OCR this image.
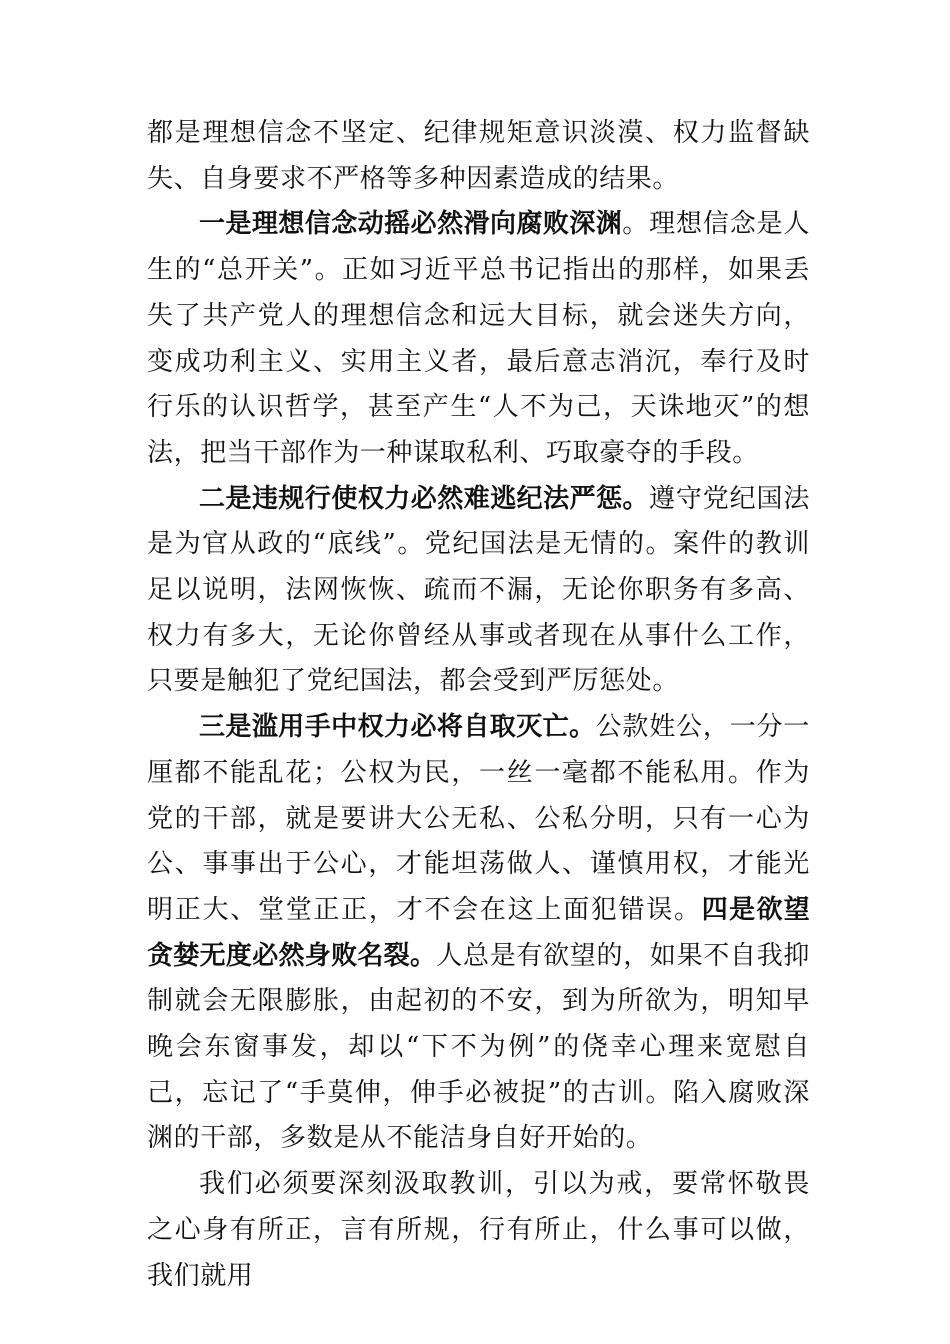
都是理想信念不坚定、纪律规矩意识淡漠、权力监督缺失、自身要求不严格等多种因素造成的结果。

一是理想信念动摇必然滑向腐败深渊。理想信念是人生的“总开关”。正如习近平总书记指出的那样，如果丢失了共产党人的理想信念和远大目标，就会迷失方向，变成功利主义、实用主义者，最后意志消沉，奉行及时行乐的认识哲学，甚至产生“人不为己，天诛地灭”的想法，把当干部作为一种谋取私利、巧取豪夺的手段。

二是违规行使权力必然难逃纪法严惩。遵守党纪国法是为官从政的“底线”。党纪国法是无情的。案件的教训足以说明，法网恢恢、疏而不漏，无论你职务有多高、权力有多大，无论你曾经从事或者现在从事什么工作，只要是触犯了党纪国法，都会受到严厉惩处。

三是滥用手中权力必将自取灭亡。公款姓公，一分一厘都不能乱花；公权为民，一丝一毫都不能私用。作为党的干部，就是要讲大公无私、公私分明，只有一心为公、事事出于公心，才能坦荡做人、谨慎用权，才能光明正大、堂堂正正，才不会在这上面犯错误。四是欲望贪婪无度必然身败名裂。人总是有欲望的，如果不自我抑制就会无限膨胀，由起初的不安，到为所欲为，明知早晚会东窗事发，却以“下不为例”的侥幸心理来宽慰自己，忘记了“手莫伸，伸手必被捉”的古训。陷入腐败深渊的干部，多数是从不能洁身自好开始的。

我们必须要深刻汲取教训，引以为戒，要常怀敬畏之心身有所正，言有所规，行有所止，什么事可以做，我们就用
